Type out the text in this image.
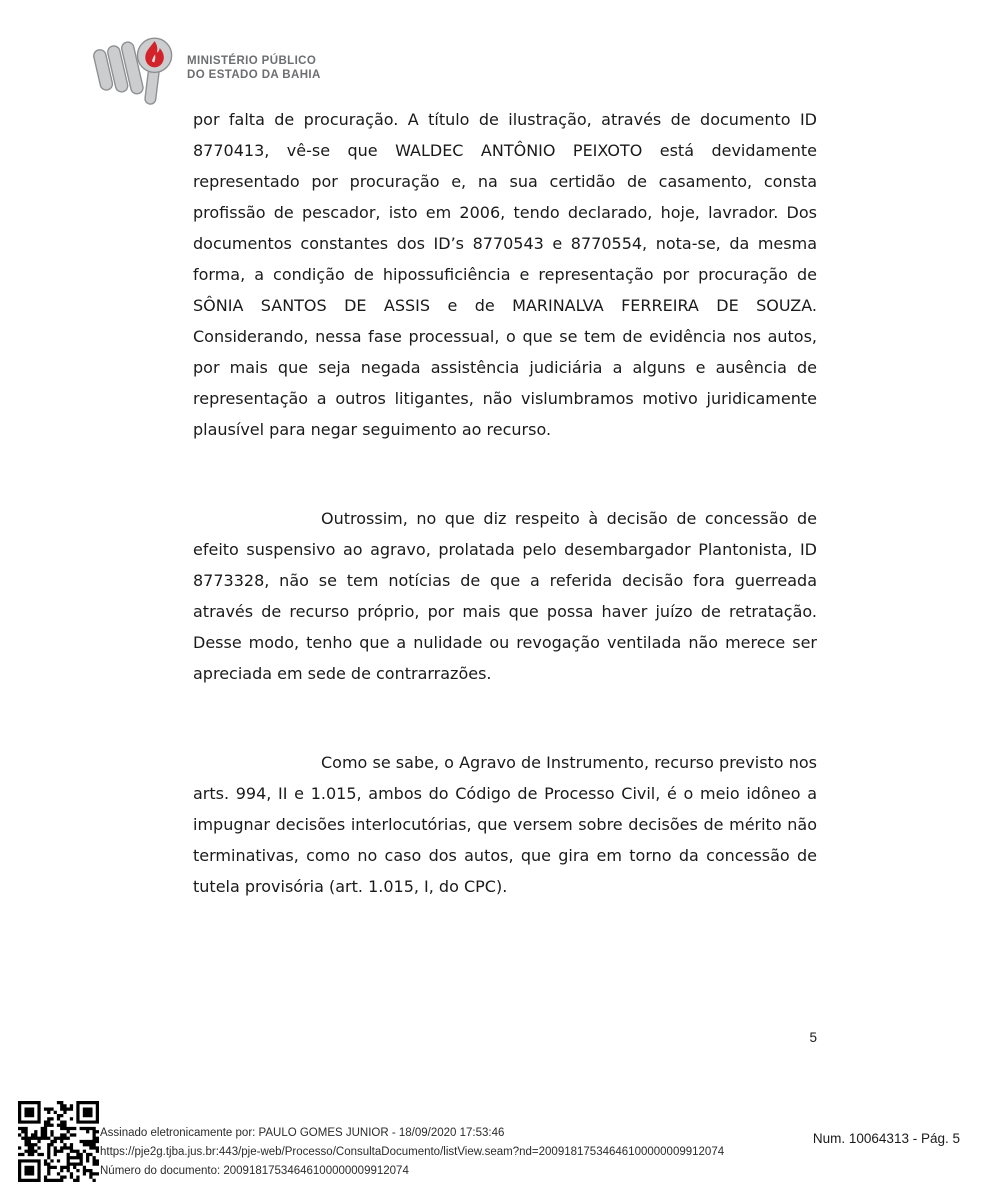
MINISTÉRIO PÚBLICO
DO ESTADO DA BAHIA

por falta de procuração. A título de ilustração, através de documento ID 8770413, vê-se que WALDEC ANTÔNIO PEIXOTO está devidamente representado por procuração e, na sua certidão de casamento, consta profissão de pescador, isto em 2006, tendo declarado, hoje, lavrador. Dos documentos constantes dos ID’s 8770543 e 8770554, nota-se, da mesma forma, a condição de hipossuficiência e representação por procuração de SÔNIA SANTOS DE ASSIS e de MARINALVA FERREIRA DE SOUZA. Considerando, nessa fase processual, o que se tem de evidência nos autos, por mais que seja negada assistência judiciária a alguns e ausência de representação a outros litigantes, não vislumbramos motivo juridicamente plausível para negar seguimento ao recurso.

Outrossim, no que diz respeito à decisão de concessão de efeito suspensivo ao agravo, prolatada pelo desembargador Plantonista, ID 8773328, não se tem notícias de que a referida decisão fora guerreada através de recurso próprio, por mais que possa haver juízo de retratação. Desse modo, tenho que a nulidade ou revogação ventilada não merece ser apreciada em sede de contrarrazões.

Como se sabe, o Agravo de Instrumento, recurso previsto nos arts. 994, II e 1.015, ambos do Código de Processo Civil, é o meio idôneo a impugnar decisões interlocutórias, que versem sobre decisões de mérito não terminativas, como no caso dos autos, que gira em torno da concessão de tutela provisória (art. 1.015, I, do CPC).

5
Assinado eletronicamente por: PAULO GOMES JUNIOR - 18/09/2020 17:53:46
https://pje2g.tjba.jus.br:443/pje-web/Processo/ConsultaDocumento/listView.seam?nd=20091817534646100000009912074
Número do documento: 20091817534646100000009912074
Num. 10064313 - Pág. 5
